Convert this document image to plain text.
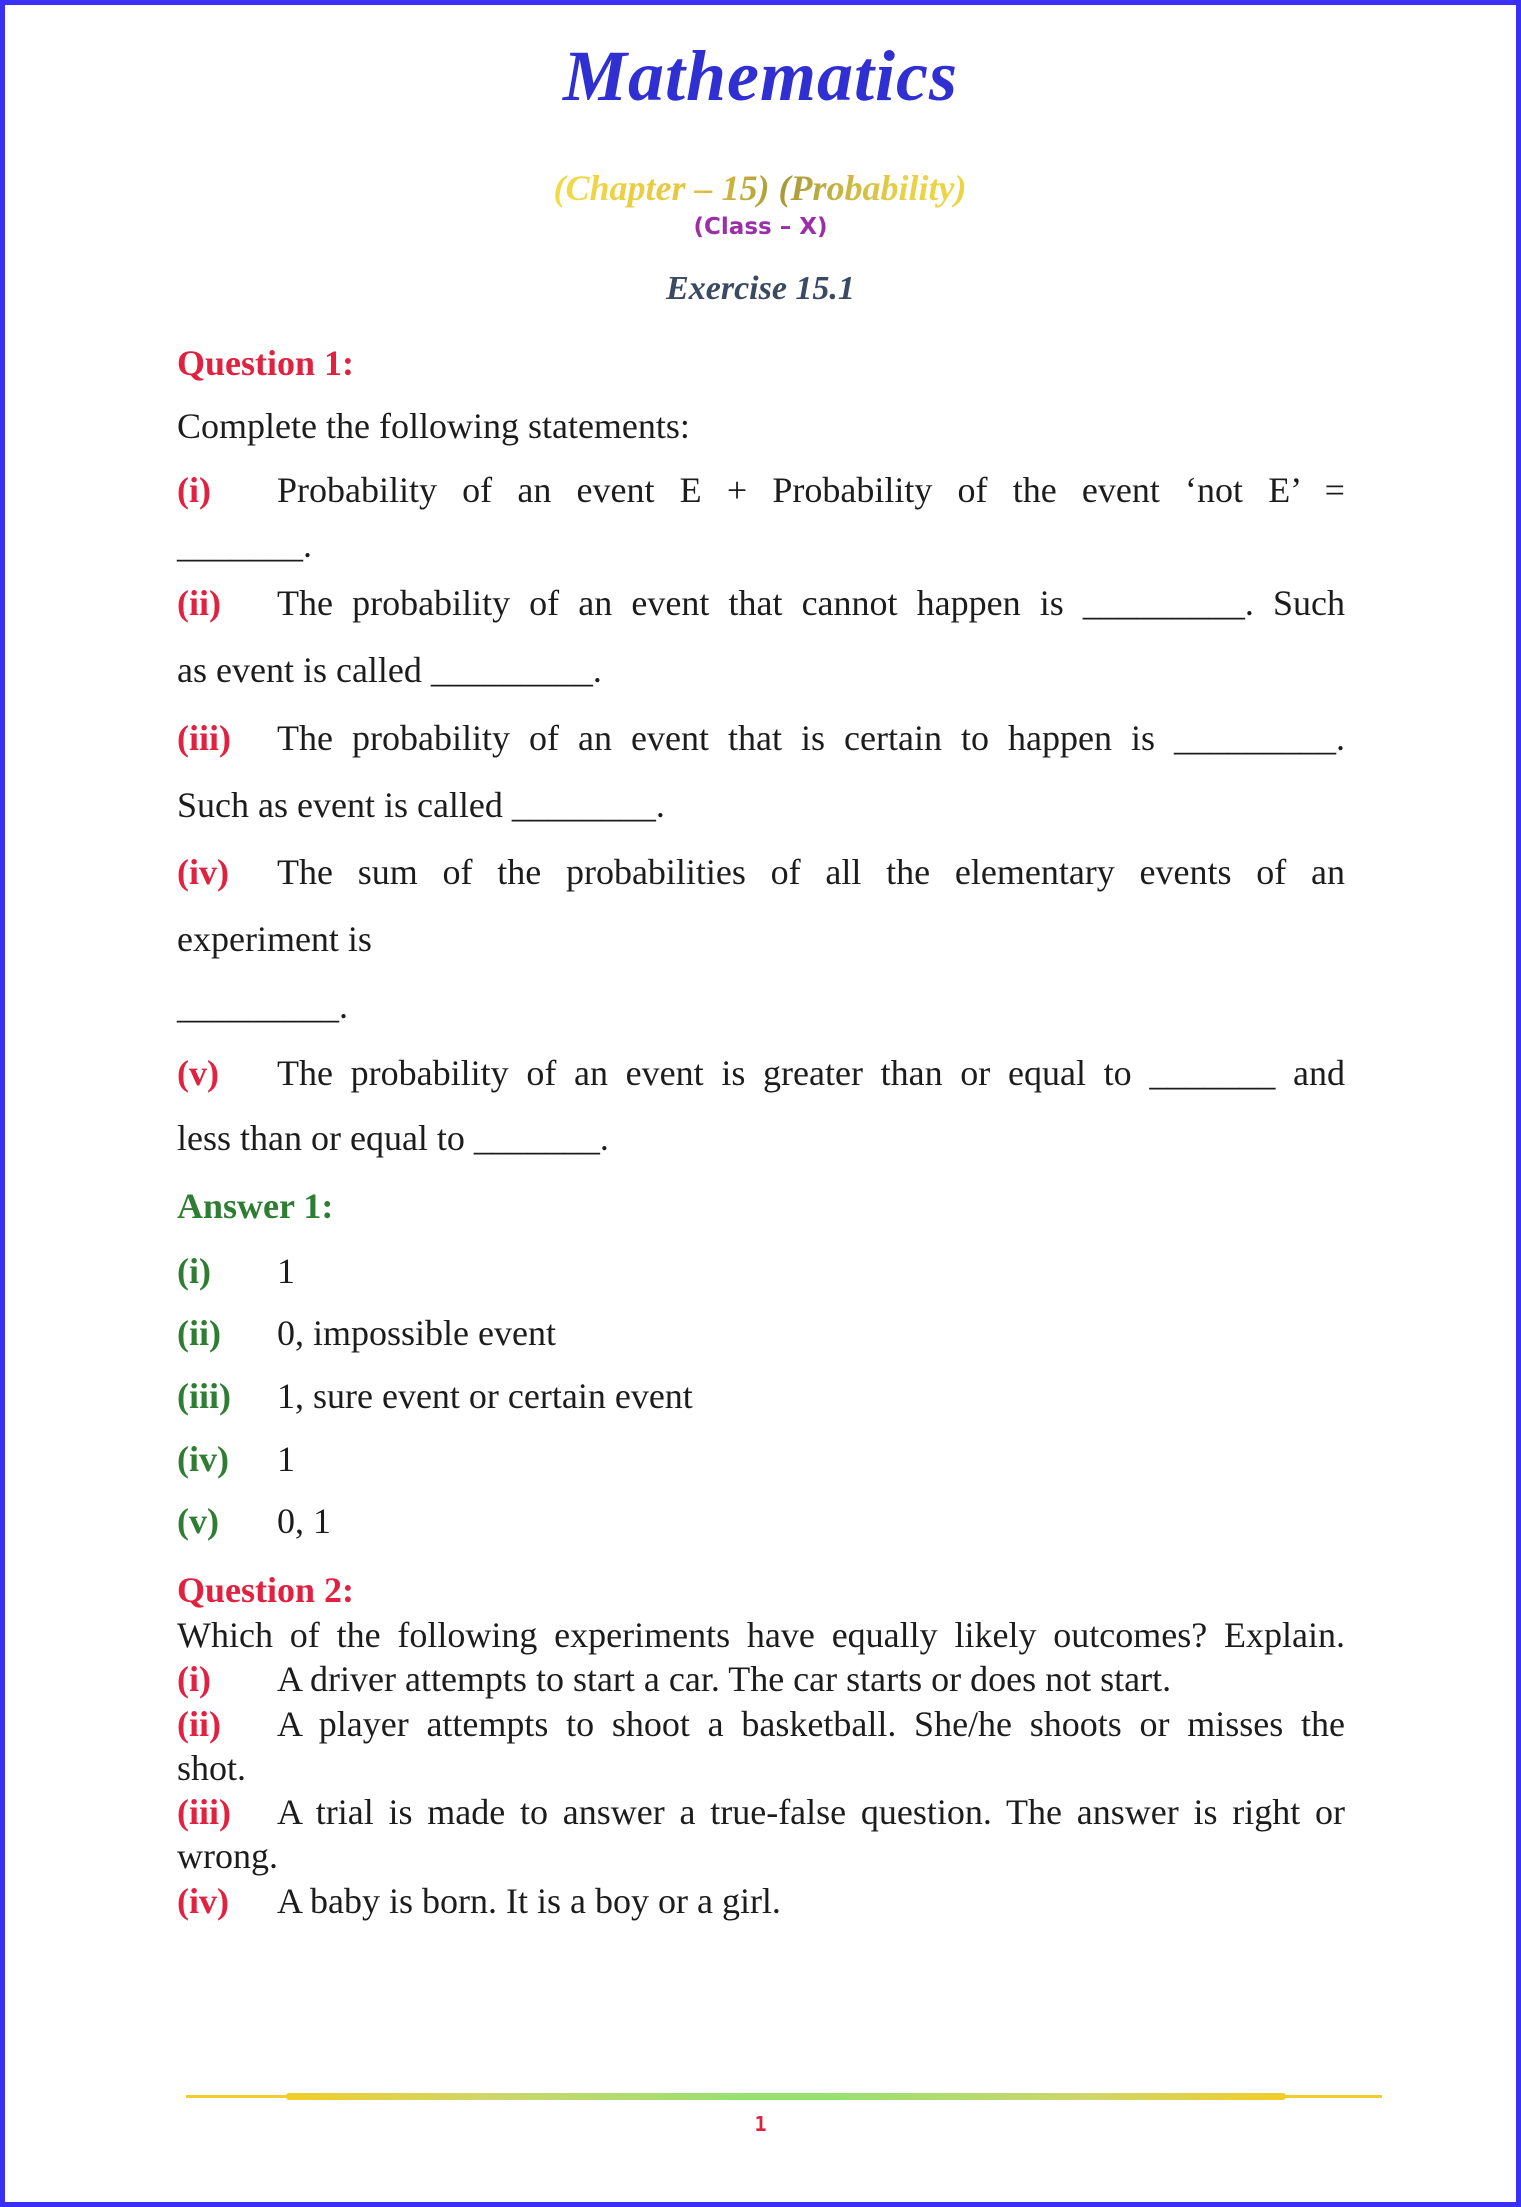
Mathematics
(Chapter – 15) (Probability)
(Class – X)
Exercise 15.1
Question 1:
Complete the following statements:
(i) Probability of an event E + Probability of the event ‘not E’ =
_______.
(ii) The probability of an event that cannot happen is _________. Such
as event is called _________.
(iii) The probability of an event that is certain to happen is _________.
Such as event is called ________.
(iv) The sum of the probabilities of all the elementary events of an
experiment is
_________.
(v) The probability of an event is greater than or equal to _______ and
less than or equal to _______.
Answer 1:
(i) 1
(ii) 0, impossible event
(iii) 1, sure event or certain event
(iv) 1
(v) 0, 1
Question 2:
Which of the following experiments have equally likely outcomes? Explain.
(i) A driver attempts to start a car. The car starts or does not start.
(ii) A player attempts to shoot a basketball. She/he shoots or misses the
shot.
(iii) A trial is made to answer a true-false question. The answer is right or
wrong.
(iv) A baby is born. It is a boy or a girl.
1
